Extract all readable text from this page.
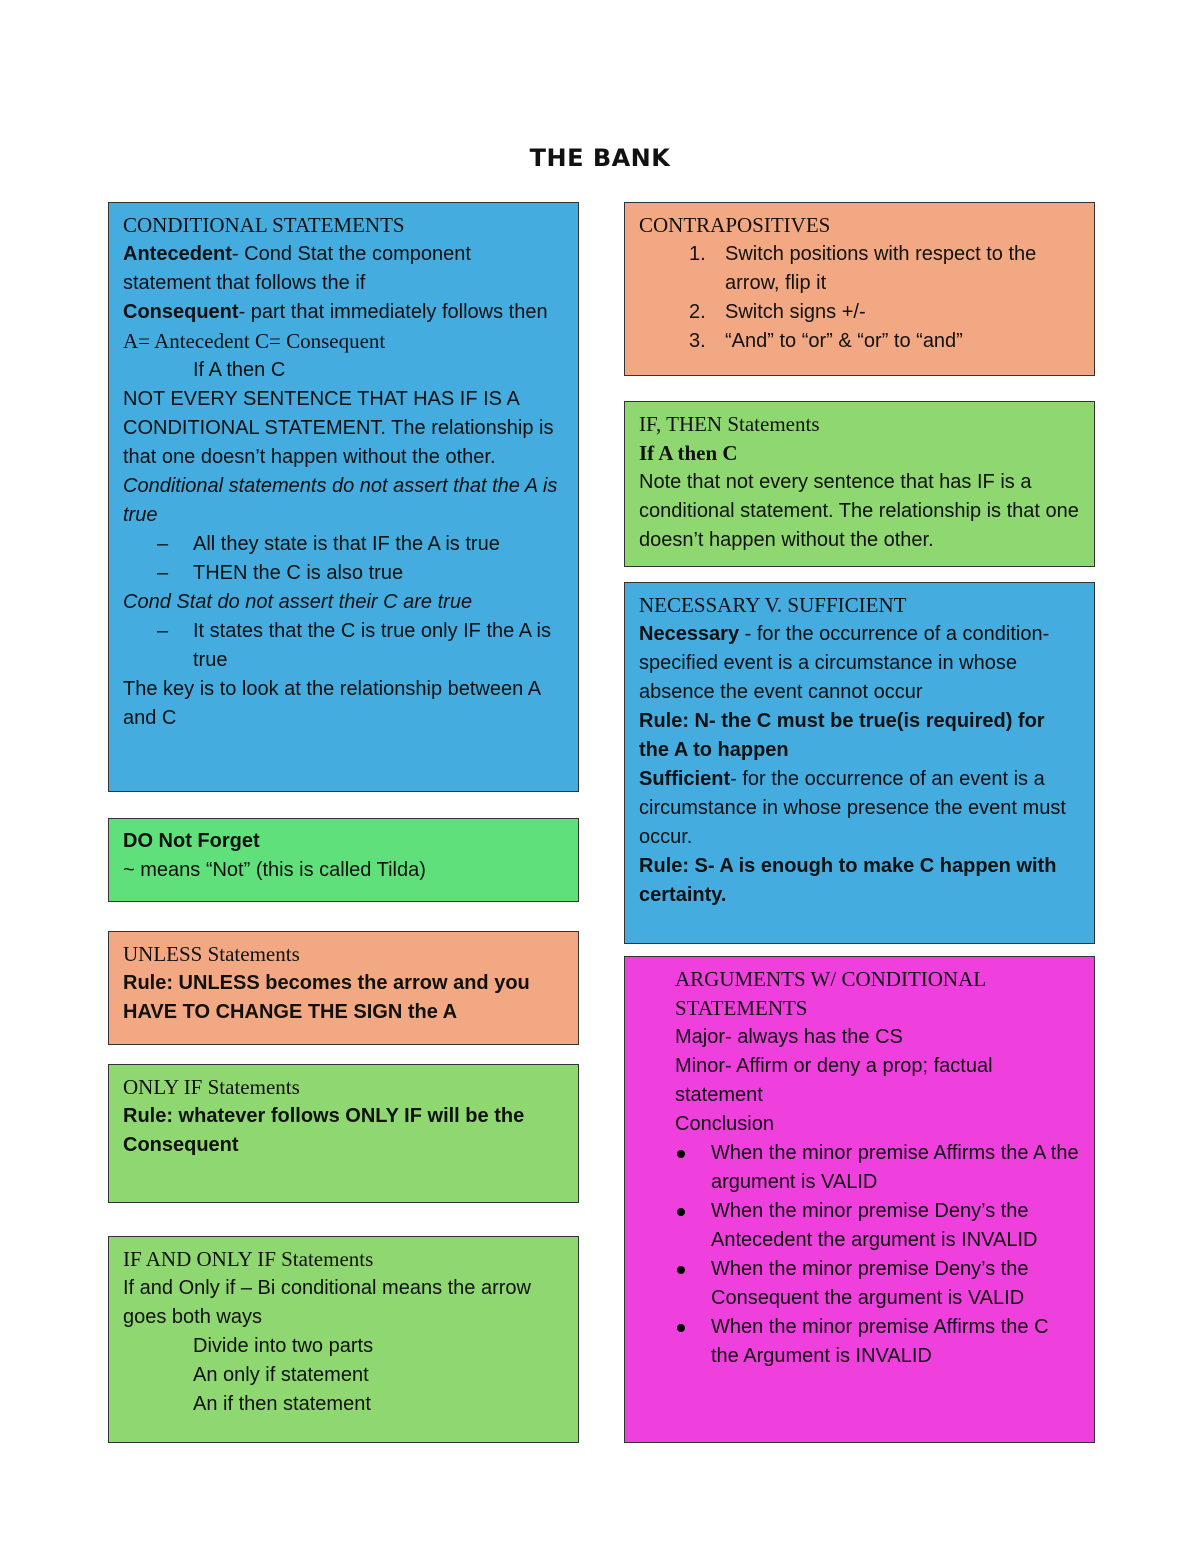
THE BANK
CONDITIONAL STATEMENTS
Antecedent- Cond Stat the component statement that follows the if
Consequent- part that immediately follows then
A= Antecedent C= Consequent
If A then C
NOT EVERY SENTENCE THAT HAS IF IS A CONDITIONAL STATEMENT. The relationship is that one doesn’t happen without the other.
Conditional statements do not assert that the A is true
– All they state is that IF the A is true
– THEN the C is also true
Cond Stat do not assert their C are true
– It states that the C is true only IF the A is true
The key is to look at the relationship between A and C
DO Not Forget
~ means “Not” (this is called Tilda)
UNLESS Statements
Rule: UNLESS becomes the arrow and you HAVE TO CHANGE THE SIGN the A
ONLY IF Statements
Rule: whatever follows ONLY IF will be the Consequent
IF AND ONLY IF Statements
If and Only if – Bi conditional means the arrow goes both ways
Divide into two parts
An only if statement
An if then statement
CONTRAPOSITIVES
1. Switch positions with respect to the arrow, flip it
2. Switch signs +/-
3. “And” to “or” & “or” to “and”
IF, THEN Statements
If A then C
Note that not every sentence that has IF is a conditional statement. The relationship is that one doesn’t happen without the other.
NECESSARY V. SUFFICIENT
Necessary - for the occurrence of a condition-specified event is a circumstance in whose absence the event cannot occur
Rule: N- the C must be true(is required) for the A to happen
Sufficient- for the occurrence of an event is a circumstance in whose presence the event must occur.
Rule: S- A is enough to make C happen with certainty.
ARGUMENTS W/ CONDITIONAL STATEMENTS
Major- always has the CS
Minor- Affirm or deny a prop; factual statement
Conclusion
When the minor premise Affirms the A the argument is VALID
When the minor premise Deny’s the Antecedent the argument is INVALID
When the minor premise Deny’s the Consequent the argument is VALID
When the minor premise Affirms the C the Argument is INVALID
